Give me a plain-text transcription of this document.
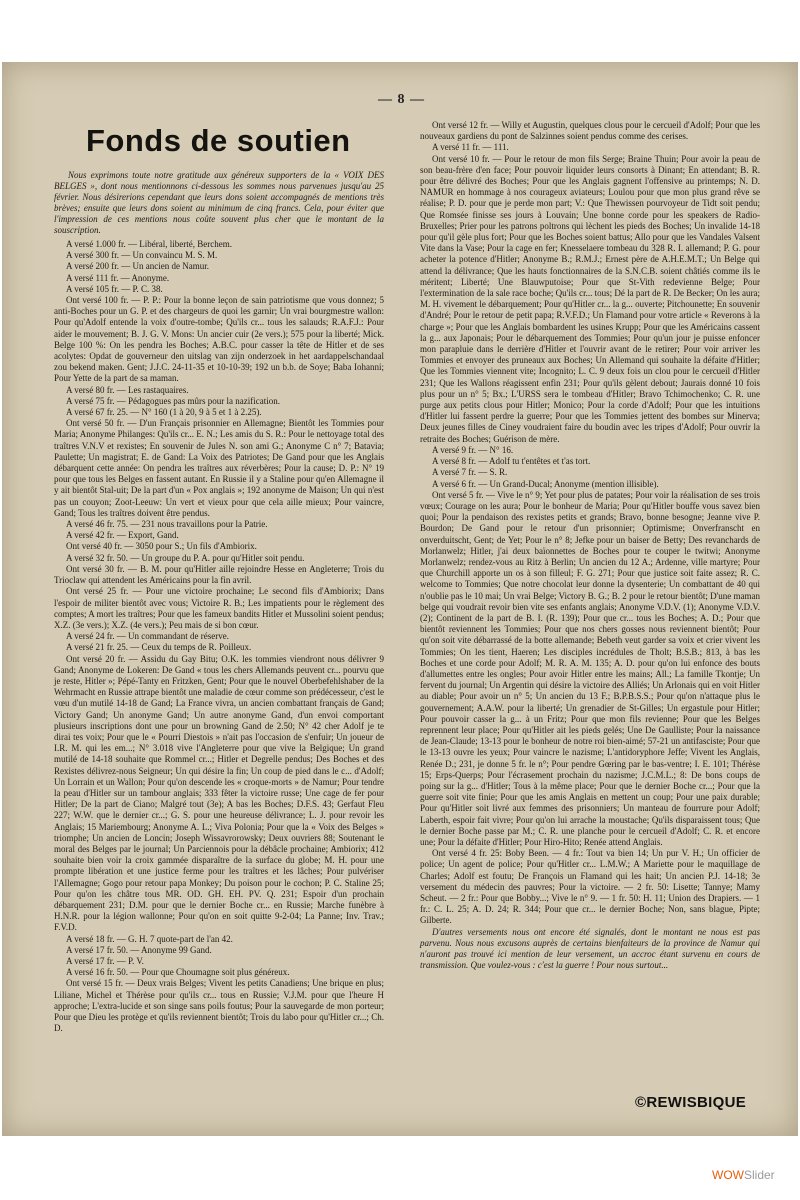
— 8 —
Fonds de soutien

Nous exprimons toute notre gratitude aux généreux supporters de la « VOIX DES BELGES », dont nous mentionnons ci-dessous les sommes nous parvenues jusqu'au 25 février. Nous désirerions cependant que leurs dons soient accompagnés de mentions très brèves; ensuite que leurs dons soient au minimum de cinq francs. Cela, pour éviter que l'impression de ces mentions nous coûte souvent plus cher que le montant de la souscription.

A versé 1.000 fr. — Libéral, liberté, Berchem.

A versé 300 fr. — Un convaincu M. S. M.

A versé 200 fr. — Un ancien de Namur.

A versé 111 fr. — Anonyme.

A versé 105 fr. — P. C. 38.

Ont versé 100 fr. — P. P.: Pour la bonne leçon de sain patriotisme que vous donnez; 5 anti-Boches pour un G. P. et des chargeurs de quoi les garnir; Un vrai bourgmestre wallon: Pour qu'Adolf entende la voix d'outre-tombe; Qu'ils cr... tous les salauds; R.A.F.J.: Pour aider le mouvement; B. J. G. V. Mons: Un ancier cuir (2e vers.); 575 pour la liberté; Mick. Belge 100 %: On les pendra les Boches; A.B.C. pour casser la tête de Hitler et de ses acolytes: Opdat de gouverneur den uitslag van zijn onderzoek in het aardappelschandaal zou bekend maken. Gent; J.J.C. 24-11-35 et 10-10-39; 192 un b.b. de Soye; Baba Iohanni; Pour Yette de la part de sa maman.

A versé 80 fr. — Les rastaquaires.

A versé 75 fr. — Pédagogues pas mûrs pour la nazification.

A versé 67 fr. 25. — N° 160 (1 à 20, 9 à 5 et 1 à 2.25).

Ont versé 50 fr. — D'un Français prisonnier en Allemagne; Bientôt les Tommies pour Maria; Anonyme Philanges: Qu'ils cr... E. N.; Les amis du S. R.: Pour le nettoyage total des traîtres V.N.V et rexistes; En souvenir de Jules N. son ami G.; Anonyme C n° 7; Batavia; Paulette; Un magistrat; E. de Gand: La Voix des Patriotes; De Gand pour que les Anglais débarquent cette année: On pendra les traîtres aux réverbères; Pour la cause; D. P.: N° 19 pour que tous les Belges en fassent autant. En Russie il y a Staline pour qu'en Allemagne il y ait bientôt Stal-uit; De la part d'un « Pox anglais »; 192 anonyme de Maison; Un qui n'est pas un couyon; Zoot-Leeuw: Un vert et vieux pour que cela aille mieux; Pour vaincre, Gand; Tous les traîtres doivent être pendus.

A versé 46 fr. 75. — 231 nous travaillons pour la Patrie.

A versé 42 fr. — Export, Gand.

Ont versé 40 fr. — 3050 pour S.; Un fils d'Ambiorix.

A versé 32 fr. 50. — Un groupe du P. A. pour qu'Hitler soit pendu.

Ont versé 30 fr. — B. M. pour qu'Hitler aille rejoindre Hesse en Angleterre; Trois du Trioclaw qui attendent les Américains pour la fin avril.

Ont versé 25 fr. — Pour une victoire prochaine; Le second fils d'Ambiorix; Dans l'espoir de militer bientôt avec vous; Victoire R. B.; Les impatients pour le règlement des comptes; A mort les traîtres; Pour que les fameux bandits Hitler et Mussolini soient pendus; X.Z. (3e vers.); X.Z. (4e vers.); Peu mais de si bon cœur.

A versé 24 fr. — Un commandant de réserve.

A versé 21 fr. 25. — Ceux du temps de R. Poilleux.

Ont versé 20 fr. — Assidu du Gay Bitu; O.K. les tommies viendront nous délivrer 9 Gand; Anonyme de Lokeren: De Gand « tous les chers Allemands peuvent cr... pourvu que je reste, Hitler »; Pépé-Tanty en Fritzken, Gent; Pour que le nouvel Oberbefehlshaber de la Wehrmacht en Russie attrape bientôt une maladie de cœur comme son prédécesseur, c'est le vœu d'un mutilé 14-18 de Gand; La France vivra, un ancien combattant français de Gand; Victory Gand; Un anonyme Gand; Un autre anonyme Gand, d'un envoi comportant plusieurs inscriptions dont une pour un browning Gand de 2.50; N° 42 cher Adolf je te dirai tes voix; Pour que le « Pourri Diestois » n'ait pas l'occasion de s'enfuir; Un joueur de I.R. M. qui les em...; N° 3.018 vive l'Angleterre pour que vive la Belgique; Un grand mutilé de 14-18 souhaite que Rommel cr...; Hitler et Degrelle pendus; Des Boches et des Rexistes délivrez-nous Seigneur; Un qui désire la fin; Un coup de pied dans le c... d'Adolf; Un Lorrain et un Wallon; Pour qu'on descende les « croque-morts » de Namur; Pour tendre la peau d'Hitler sur un tambour anglais; 333 fêter la victoire russe; Une cage de fer pour Hitler; De la part de Ciano; Malgré tout (3e); A bas les Boches; D.F.S. 43; Gerfaut Fleu 227; W.W. que le dernier cr...; G. S. pour une heureuse délivrance; L. J. pour revoir les Anglais; 15 Mariembourg; Anonyme A. L.; Viva Polonia; Pour que la « Voix des Belges » triomphe; Un ancien de Loncin; Joseph Wissavrorowsky; Deux ouvriers 88; Soutenant le moral des Belges par le journal; Un Parciennois pour la débâcle prochaine; Ambiorix; 412 souhaite bien voir la croix gammée disparaître de la surface du globe; M. H. pour une prompte libération et une justice ferme pour les traîtres et les lâches; Pour pulvériser l'Allemagne; Gogo pour retour papa Monkey; Du poison pour le cochon; P. C. Staline 25; Pour qu'on les châtre tous MR. OD. GH. EH. PV. Q. 231; Espoir d'un prochain débarquement 231; D.M. pour que le dernier Boche cr... en Russie; Marche funèbre à H.N.R. pour la légion wallonne; Pour qu'on en soit quitte 9-2-04; La Panne; Inv. Trav.; F.V.D.

A versé 18 fr. — G. H. 7 quote-part de l'an 42.

A versé 17 fr. 50. — Anonyme 99 Gand.

A versé 17 fr. — P. V.

A versé 16 fr. 50. — Pour que Choumagne soit plus généreux.

Ont versé 15 fr. — Deux vrais Belges; Vivent les petits Canadiens; Une brique en plus; Liliane, Michel et Thérèse pour qu'ils cr... tous en Russie; V.J.M. pour que l'heure H approche; L'extra-lucide et son singe sans poils foutus; Pour la sauvegarde de mon porteur; Pour que Dieu les protège et qu'ils reviennent bientôt; Trois du labo pour qu'Hitler cr...; Ch. D.

Ont versé 12 fr. — Willy et Augustin, quelques clous pour le cercueil d'Adolf; Pour que les nouveaux gardiens du pont de Salzinnes soient pendus comme des cerises.

A versé 11 fr. — 111.

Ont versé 10 fr. — Pour le retour de mon fils Serge; Braine Thuin; Pour avoir la peau de son beau-frère d'en face; Pour pouvoir liquider leurs consorts à Dinant; En attendant; B. R. pour être délivré des Boches; Pour que les Anglais gagnent l'offensive au printemps; N. D. NAMUR en hommage à nos courageux aviateurs; Loulou pour que mon plus grand rêve se réalise; P. D. pour que je perde mon part; V.: Que Thewissen pourvoyeur de Tidt soit pendu; Que Romsée finisse ses jours à Louvain; Une bonne corde pour les speakers de Radio-Bruxelles; Prier pour les patrons poltrons qui lèchent les pieds des Boches; Un invalide 14-18 pour qu'il gèle plus fort; Pour que les Boches soient battus; Allo pour que les Vandales Valsent Vite dans la Vase; Pour la cage en fer; Knesselaere tombeau du 328 R. I. allemand; P. G. pour acheter la potence d'Hitler; Anonyme B.; R.M.J.; Ernest père de A.H.E.M.T.; Un Belge qui attend la délivrance; Que les hauts fonctionnaires de la S.N.C.B. soient châtiés comme ils le méritent; Liberté; Une Blauwputoise; Pour que St-Vith redevienne Belge; Pour l'extermination de la sale race boche; Qu'ils cr... tous; Dé la part de R. De Becker; On les aura; M. H. vivement le débarquement; Pour qu'Hitler cr... la g... ouverte; Pitchounette; En souvenir d'André; Pour le retour de petit papa; R.V.F.D.; Un Flamand pour votre article « Reverons à la charge »; Pour que les Anglais bombardent les usines Krupp; Pour que les Américains cassent la g... aux Japonais; Pour le débarquement des Tommies; Pour qu'un jour je puisse enfoncer mon parapluie dans le derrière d'Hitler et l'ouvrir avant de le retirer; Pour voir arriver les Tommies et envoyer des pruneaux aux Boches; Un Allemand qui souhaite la défaite d'Hitler; Que les Tommies viennent vite; Incognito; L. C. 9 deux fois un clou pour le cercueil d'Hitler 231; Que les Wallons réagissent enfin 231; Pour qu'ils gèlent debout; Jaurais donné 10 fois plus pour un n° 5; Bx.; L'URSS sera le tombeau d'Hitler; Bravo Tchimochenko; C. R. une purge aux petits clous pour Hitler; Monico; Pour la corde d'Adolf; Pour que les intuitions d'Hitler lui fassent perdre la guerre; Pour que les Tommies jettent des bombes sur Minerva; Deux jeunes filles de Ciney voudraient faire du boudin avec les tripes d'Adolf; Pour ouvrir la retraite des Boches; Guérison de mère.

A versé 9 fr. — N° 16.

A versé 8 fr. — Adolf tu t'entêtes et t'as tort.

A versé 7 fr. — S. R.

A versé 6 fr. — Un Grand-Ducal; Anonyme (mention illisible).

Ont versé 5 fr. — Vive le n° 9; Yet pour plus de patates; Pour voir la réalisation de ses trois vœux; Courage on les aura; Pour le bonheur de Maria; Pour qu'Hitler bouffe vous savez bien quoi; Pour la pendaison des rexistes petits et grands; Bravo, bonne besogne; Jeanne vive P. Bourdon; De Gand pour le retour d'un prisonnier; Optimisme; Onverfranscht en onverduitscht, Gent; de Yet; Pour le n° 8; Jefke pour un baiser de Betty; Des revanchards de Morlanwelz; Hitler, j'ai deux baïonnettes de Boches pour te couper le twitwi; Anonyme Morlanwelz; rendez-vous au Ritz à Berlin; Un ancien du 12 A.; Ardenne, ville martyre; Pour que Churchill apporte un os à son filleul; F. G. 271; Pour que justice soit faite assez; R. C. welcome to Tommies; Que notre chocolat leur donne la dysenterie; Un combattant de 40 qui n'oublie pas le 10 mai; Un vrai Belge; Victory B. G.; B. 2 pour le retour bientôt; D'une maman belge qui voudrait revoir bien vite ses enfants anglais; Anonyme V.D.V. (1); Anonyme V.D.V. (2); Continent de la part de B. I. (R. 139); Pour que cr... tous les Boches; A. D.; Pour que bientôt reviennent les Tommies; Pour que nos chers gosses nous reviennent bientôt; Pour qu'on soit vite débarrassé de la botte allemande; Bebeth veut garder sa voix et crier vivent les Tommies; On les tient, Haeren; Les disciples incrédules de Tholt; B.S.B.; 813, à bas les Boches et une corde pour Adolf; M. R. A. M. 135; A. D. pour qu'on lui enfonce des bouts d'allumettes entre les ongles; Pour avoir Hitler entre les mains; All.; La famille Tkontje; Un fervent du journal; Un Argentin qui désire la victoire des Alliés; Un Arlonais qui en voit Hitler au diable; Pour avoir un n° 5; Un ancien du 13 F.; B.P.B.S.S.; Pour qu'on n'attaque plus le gouvernement; A.A.W. pour la liberté; Un grenadier de St-Gilles; Un ergastule pour Hitler; Pour pouvoir casser la g... à un Fritz; Pour que mon fils revienne; Pour que les Belges reprennent leur place; Pour qu'Hitler ait les pieds gelés; Une De Gaulliste; Pour la naissance de Jean-Claude; 13-13 pour le bonheur de notre roi bien-aimé; 57-21 un antifasciste; Pour que le 13-13 ouvre les yeux; Pour vaincre le nazisme; L'antidoryphore Jeffe; Vivent les Anglais, Renée D.; 231, je donne 5 fr. le n°; Pour pendre Gœring par le bas-ventre; I. E. 101; Thérèse 15; Erps-Querps; Pour l'écrasement prochain du nazisme; J.C.M.L.; 8: De bons coups de poing sur la g... d'Hitler; Tous à la même place; Pour que le dernier Boche cr...; Pour que la guerre soit vite finie; Pour que les amis Anglais en mettent un coup; Pour une paix durable; Pour qu'Hitler soit livré aux femmes des prisonniers; Un manteau de fourrure pour Adolf; Laberth, espoir fait vivre; Pour qu'on lui arrache la moustache; Qu'ils disparaissent tous; Que le dernier Boche passe par M.; C. R. une planche pour le cercueil d'Adolf; C. R. et encore une; Pour la défaite d'Hitler; Pour Hiro-Hito; Renée attend Anglais.

Ont versé 4 fr. 25: Boby Been. — 4 fr.: Tout va bien 14; Un pur V. H.; Un officier de police; Un agent de police; Pour qu'Hitler cr... L.M.W.; A Mariette pour le maquillage de Charles; Adolf est foutu; De François un Flamand qui les hait; Un ancien P.J. 14-18; 3e versement du médecin des pauvres; Pour la victoire. — 2 fr. 50: Lisette; Tannye; Mamy Scheut. — 2 fr.: Pour que Bobby...; Vive le n° 9. — 1 fr. 50: H. 11; Union des Drapiers. — 1 fr.: C. L. 25; A. D. 24; R. 344; Pour que cr... le dernier Boche; Non, sans blague, Pipte; Gilberte.

D'autres versements nous ont encore été signalés, dont le montant ne nous est pas parvenu. Nous nous excusons auprès de certains bienfaiteurs de la province de Namur qui n'auront pas trouvé ici mention de leur versement, un accroc étant survenu en cours de transmission. Que voulez-vous : c'est la guerre ! Pour nous surtout...

©REWISBIQUE
WOWSlider
